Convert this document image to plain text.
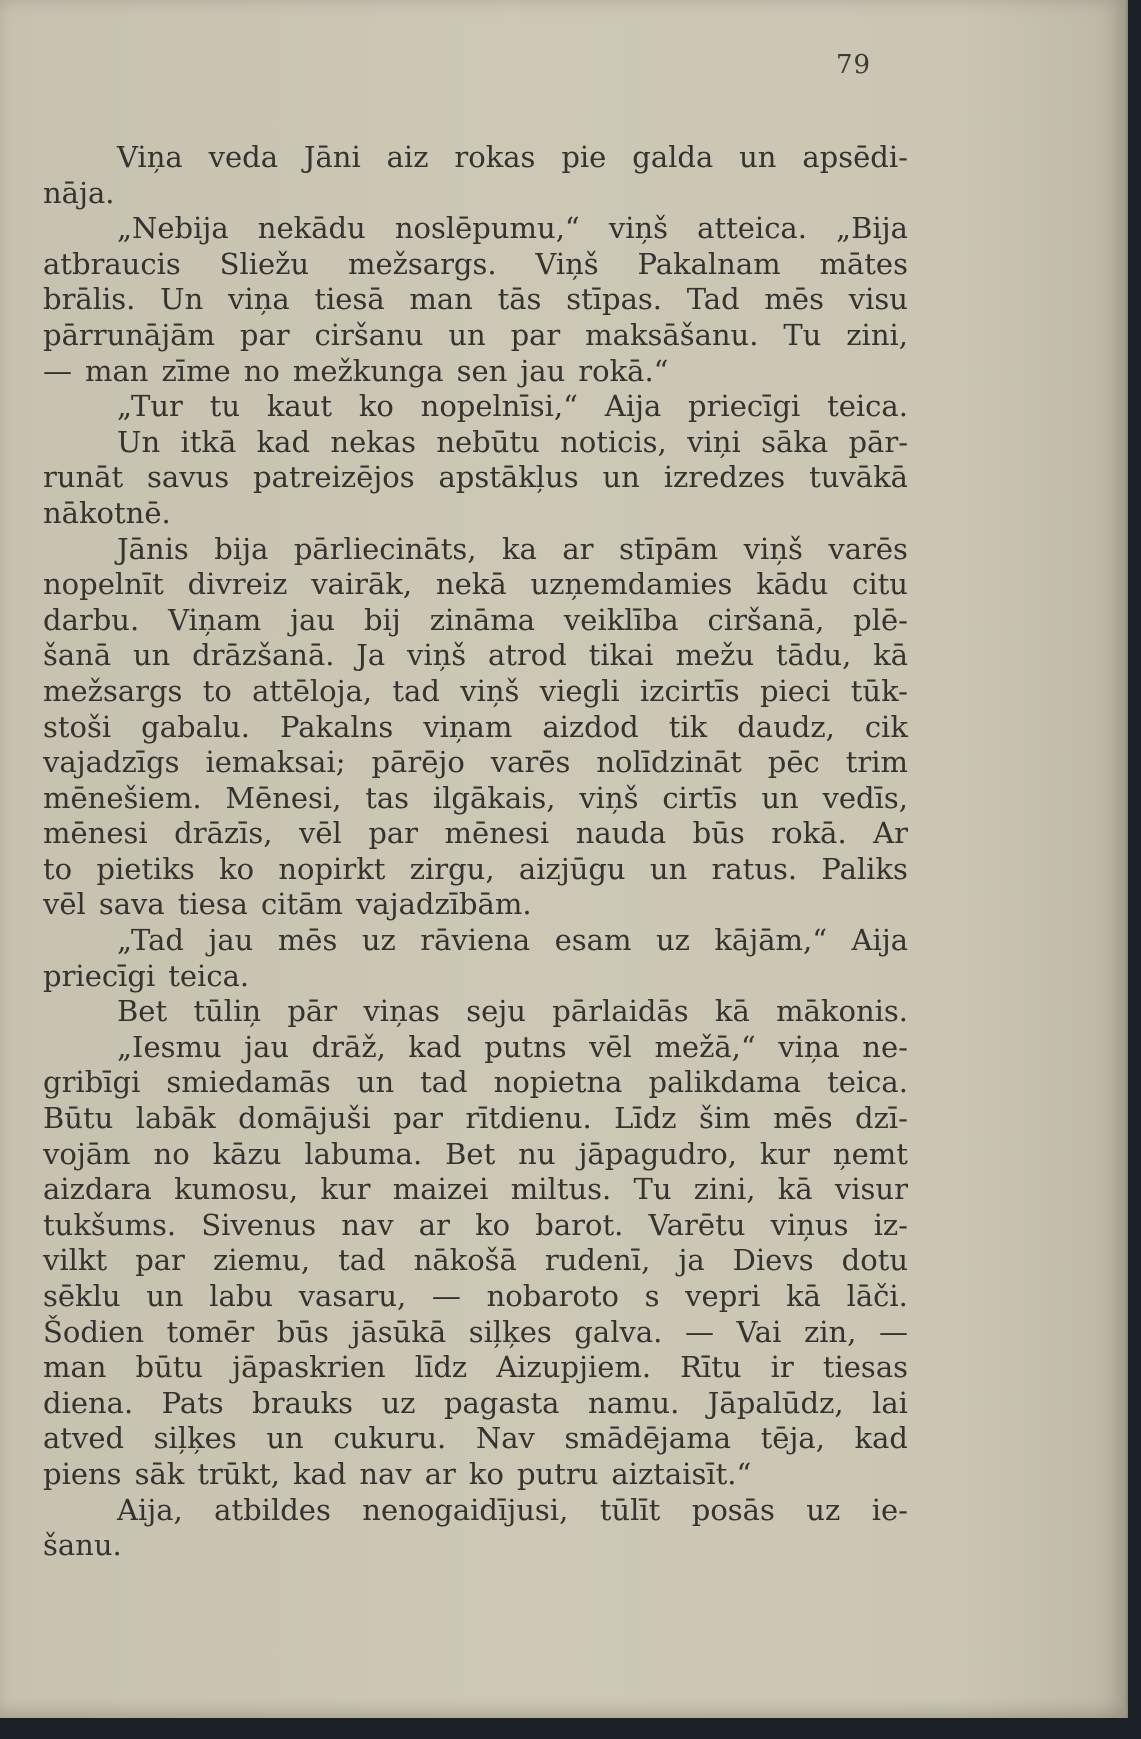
79
Viņa veda Jāni aiz rokas pie galda un apsēdi-
nāja.
„Nebija nekādu noslēpumu,“ viņš atteica. „Bija
atbraucis Sliežu mežsargs. Viņš Pakalnam mātes
brālis. Un viņa tiesā man tās stīpas. Tad mēs visu
pārrunājām par ciršanu un par maksāšanu. Tu zini,
— man zīme no mežkunga sen jau rokā.“
„Tur tu kaut ko nopelnīsi,“ Aija priecīgi teica.
Un itkā kad nekas nebūtu noticis, viņi sāka pār-
runāt savus patreizējos apstākļus un izredzes tuvākā
nākotnē.
Jānis bija pārliecināts, ka ar stīpām viņš varēs
nopelnīt divreiz vairāk, nekā uzņemdamies kādu citu
darbu. Viņam jau bij zināma veiklība ciršanā, plē-
šanā un drāzšanā. Ja viņš atrod tikai mežu tādu, kā
mežsargs to attēloja, tad viņš viegli izcirtīs pieci tūk-
stoši gabalu. Pakalns viņam aizdod tik daudz, cik
vajadzīgs iemaksai; pārējo varēs nolīdzināt pēc trim
mēnešiem. Mēnesi, tas ilgākais, viņš cirtīs un vedīs,
mēnesi drāzīs, vēl par mēnesi nauda būs rokā. Ar
to pietiks ko nopirkt zirgu, aizjūgu un ratus. Paliks
vēl sava tiesa citām vajadzībām.
„Tad jau mēs uz rāviena esam uz kājām,“ Aija
priecīgi teica.
Bet tūliņ pār viņas seju pārlaidās kā mākonis.
„Iesmu jau drāž, kad putns vēl mežā,“ viņa ne-
gribīgi smiedamās un tad nopietna palikdama teica.
Būtu labāk domājuši par rītdienu. Līdz šim mēs dzī-
vojām no kāzu labuma. Bet nu jāpagudro, kur ņemt
aizdara kumosu, kur maizei miltus. Tu zini, kā visur
tukšums. Sivenus nav ar ko barot. Varētu viņus iz-
vilkt par ziemu, tad nākošā rudenī, ja Dievs dotu
sēklu un labu vasaru, — nobaroto s vepri kā lāči.
Šodien tomēr būs jāsūkā siļķes galva. — Vai zin, —
man būtu jāpaskrien līdz Aizupjiem. Rītu ir tiesas
diena. Pats brauks uz pagasta namu. Jāpalūdz, lai
atved siļķes un cukuru. Nav smādējama tēja, kad
piens sāk trūkt, kad nav ar ko putru aiztaisīt.“
Aija, atbildes nenogaidījusi, tūlīt posās uz ie-
šanu.
